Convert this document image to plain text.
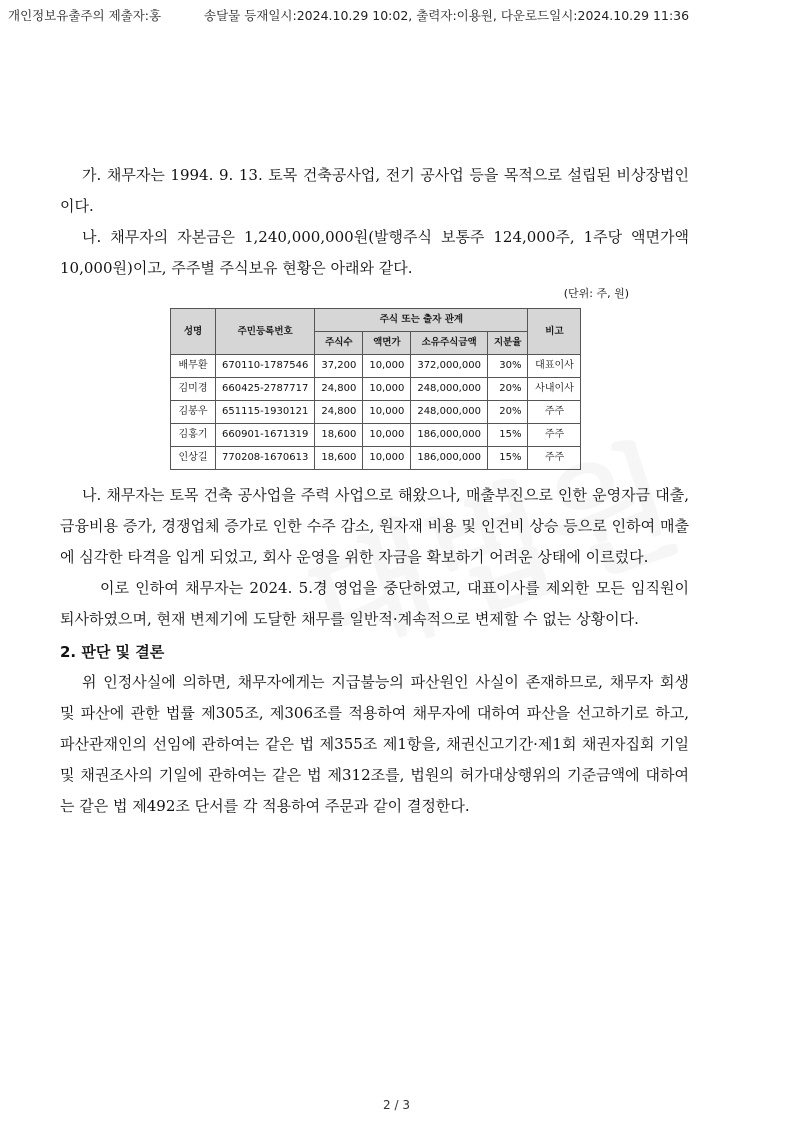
개인정보유출주의 제출자:홍	송달물 등재일시:2024.10.29 10:02, 출력자:이용원, 다운로드일시:2024.10.29 11:36

가. 채무자는 1994. 9. 13. 토목 건축공사업, 전기 공사업 등을 목적으로 설립된 비상장법인이다.

나. 채무자의 자본금은 1,240,000,000원(발행주식 보통주 124,000주, 1주당 액면가액 10,000원)이고, 주주별 주식보유 현황은 아래와 같다.

(단위: 주, 원)
성명	주민등록번호	주식 또는 출자 관계				비고
		주식수	액면가	소유주식금액	지분율	
배무환	670110-1787546	37,200	10,000	372,000,000	30%	대표이사
김미경	660425-2787717	24,800	10,000	248,000,000	20%	사내이사
김봉우	651115-1930121	24,800	10,000	248,000,000	20%	주주
김홍기	660901-1671319	18,600	10,000	186,000,000	15%	주주
인상길	770208-1670613	18,600	10,000	186,000,000	15%	주주

나. 채무자는 토목 건축 공사업을 주력 사업으로 해왔으나, 매출부진으로 인한 운영자금 대출, 금융비용 증가, 경쟁업체 증가로 인한 수주 감소, 원자재 비용 및 인건비 상승 등으로 인하여 매출에 심각한 타격을 입게 되었고, 회사 운영을 위한 자금을 확보하기 어려운 상태에 이르렀다.

이로 인하여 채무자는 2024. 5.경 영업을 중단하였고, 대표이사를 제외한 모든 임직원이 퇴사하였으며, 현재 변제기에 도달한 채무를 일반적·계속적으로 변제할 수 없는 상황이다.

2. 판단 및 결론

위 인정사실에 의하면, 채무자에게는 지급불능의 파산원인 사실이 존재하므로, 채무자 회생 및 파산에 관한 법률 제305조, 제306조를 적용하여 채무자에 대하여 파산을 선고하기로 하고, 파산관재인의 선임에 관하여는 같은 법 제355조 제1항을, 채권신고기간·제1회 채권자집회 기일 및 채권조사의 기일에 관하여는 같은 법 제312조를, 법원의 허가대상행위의 기준금액에 대하여는 같은 법 제492조 단서를 각 적용하여 주문과 같이 결정한다.

2 / 3
